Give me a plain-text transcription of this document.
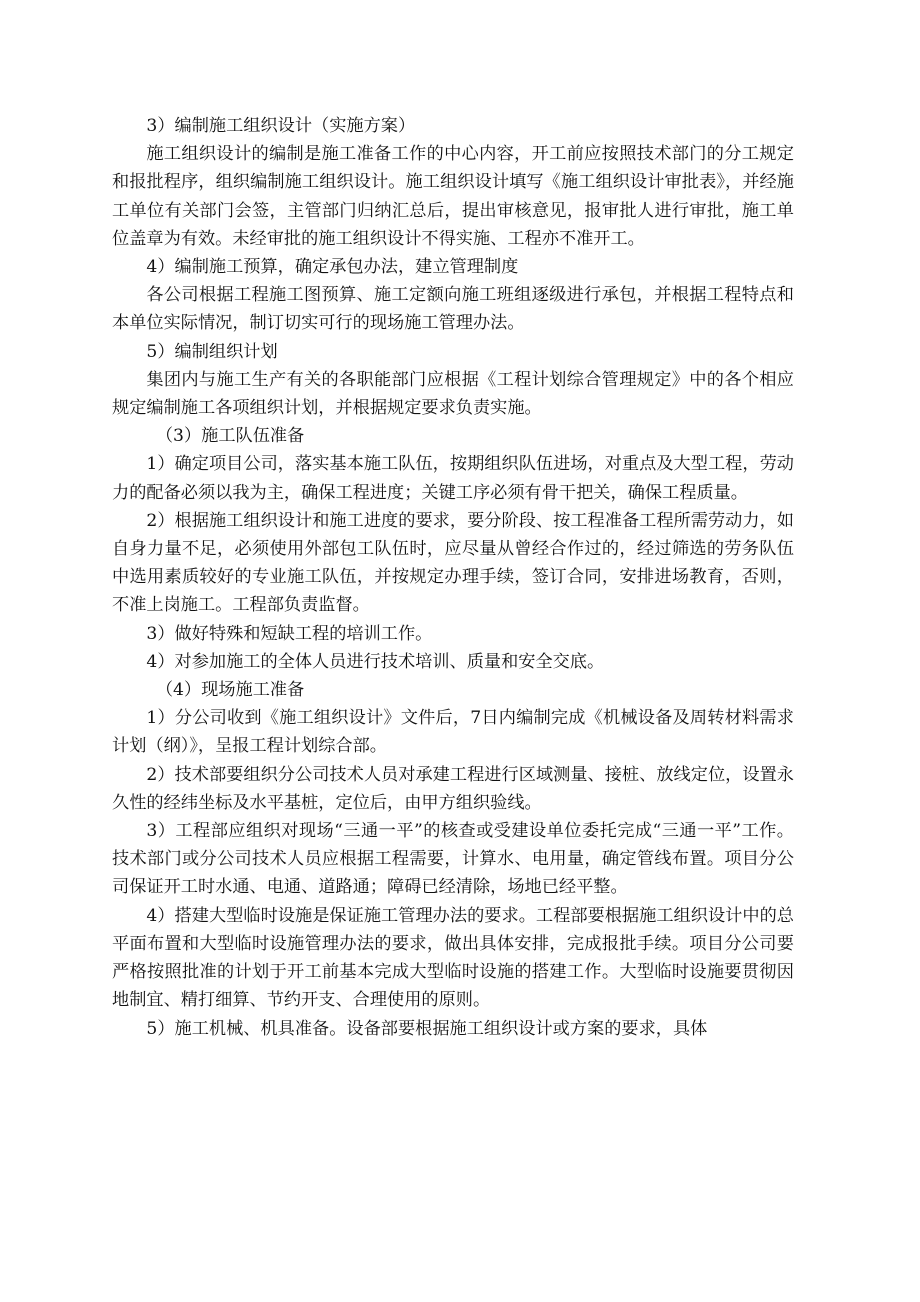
3）编制施工组织设计（实施方案）

施工组织设计的编制是施工准备工作的中心内容，开工前应按照技术部门的分工规定和报批程序，组织编制施工组织设计。施工组织设计填写《施工组织设计审批表》，并经施工单位有关部门会签，主管部门归纳汇总后，提出审核意见，报审批人进行审批，施工单位盖章为有效。未经审批的施工组织设计不得实施、工程亦不准开工。

4）编制施工预算，确定承包办法，建立管理制度

各公司根据工程施工图预算、施工定额向施工班组逐级进行承包，并根据工程特点和本单位实际情况，制订切实可行的现场施工管理办法。

5）编制组织计划

集团内与施工生产有关的各职能部门应根据《工程计划综合管理规定》中的各个相应规定编制施工各项组织计划，并根据规定要求负责实施。

（3）施工队伍准备

1）确定项目公司，落实基本施工队伍，按期组织队伍进场，对重点及大型工程，劳动力的配备必须以我为主，确保工程进度；关键工序必须有骨干把关，确保工程质量。

2）根据施工组织设计和施工进度的要求，要分阶段、按工程准备工程所需劳动力，如自身力量不足，必须使用外部包工队伍时，应尽量从曾经合作过的，经过筛选的劳务队伍中选用素质较好的专业施工队伍，并按规定办理手续，签订合同，安排进场教育，否则，不准上岗施工。工程部负责监督。

3）做好特殊和短缺工程的培训工作。

4）对参加施工的全体人员进行技术培训、质量和安全交底。

（4）现场施工准备

1）分公司收到《施工组织设计》文件后，7日内编制完成《机械设备及周转材料需求计划（纲）》，呈报工程计划综合部。

2）技术部要组织分公司技术人员对承建工程进行区域测量、接桩、放线定位，设置永久性的经纬坐标及水平基桩，定位后，由甲方组织验线。

3）工程部应组织对现场“三通一平”的核查或受建设单位委托完成“三通一平”工作。技术部门或分公司技术人员应根据工程需要，计算水、电用量，确定管线布置。项目分公司保证开工时水通、电通、道路通；障碍已经清除，场地已经平整。

4）搭建大型临时设施是保证施工管理办法的要求。工程部要根据施工组织设计中的总平面布置和大型临时设施管理办法的要求，做出具体安排，完成报批手续。项目分公司要严格按照批准的计划于开工前基本完成大型临时设施的搭建工作。大型临时设施要贯彻因地制宜、精打细算、节约开支、合理使用的原则。

5）施工机械、机具准备。设备部要根据施工组织设计或方案的要求，具体
